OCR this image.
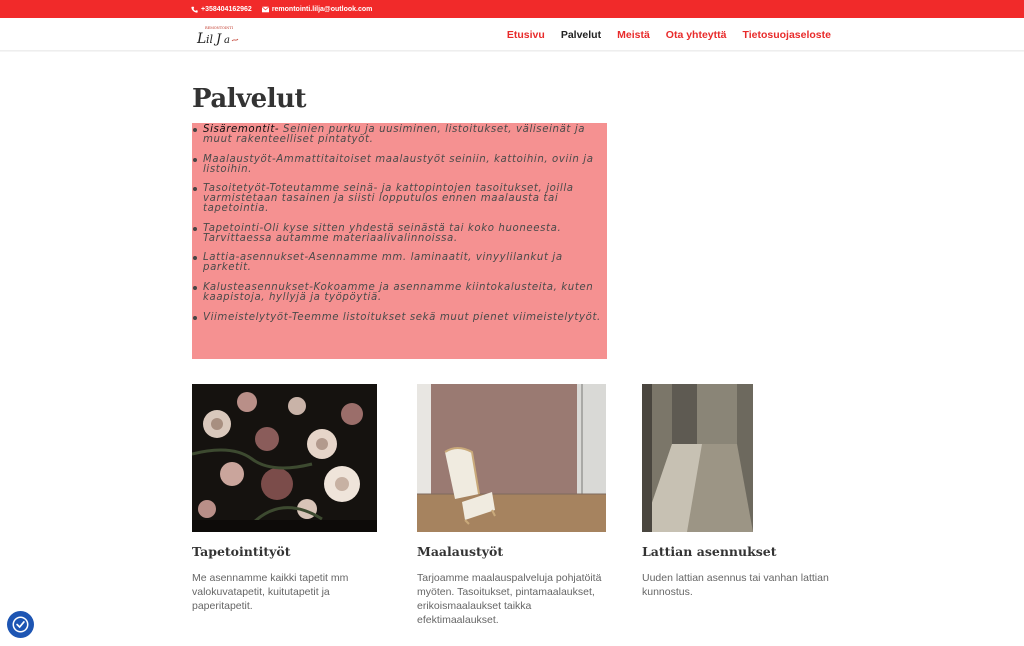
+358404162962	remontointi.lilja@outlook.com
REMONTOINTI
L il J a	Etusivu Palvelut Meistä Ota yhteyttä Tietosuojaseloste
Palvelut
Sisäremontit- Seinien purku ja uusiminen, listoitukset, väliseinät ja muut rakenteelliset pintatyöt.
Maalaustyöt-Ammattitaitoiset maalaustyöt seiniin, kattoihin, oviin ja listoihin.
Tasoitetyöt-Toteutamme seinä- ja kattopintojen tasoitukset, joilla varmistetaan tasainen ja siisti lopputulos ennen maalausta tai tapetointia.
Tapetointi-Oli kyse sitten yhdestä seinästä tai koko huoneesta. Tarvittaessa autamme materiaalivalinnoissa.
Lattia-asennukset-Asennamme mm. laminaatit, vinyylilankut ja parketit.
Kalusteasennukset-Kokoamme ja asennamme kiintokalusteita, kuten kaapistoja, hyllyjä ja työpöytiä.
Viimeistelytyöt-Teemme listoitukset sekä muut pienet viimeistelytyöt.
Tapetointityöt

Me asennamme kaikki tapetit mm valokuvatapetit, kuitutapetit ja paperitapetit.

Maalaustyöt

Tarjoamme maalauspalveluja pohjatöitä myöten. Tasoitukset, pintamaalaukset, erikoismaalaukset taikka efektimaalaukset.

Lattian asennukset

Uuden lattian asennus tai vanhan lattian kunnostus.
